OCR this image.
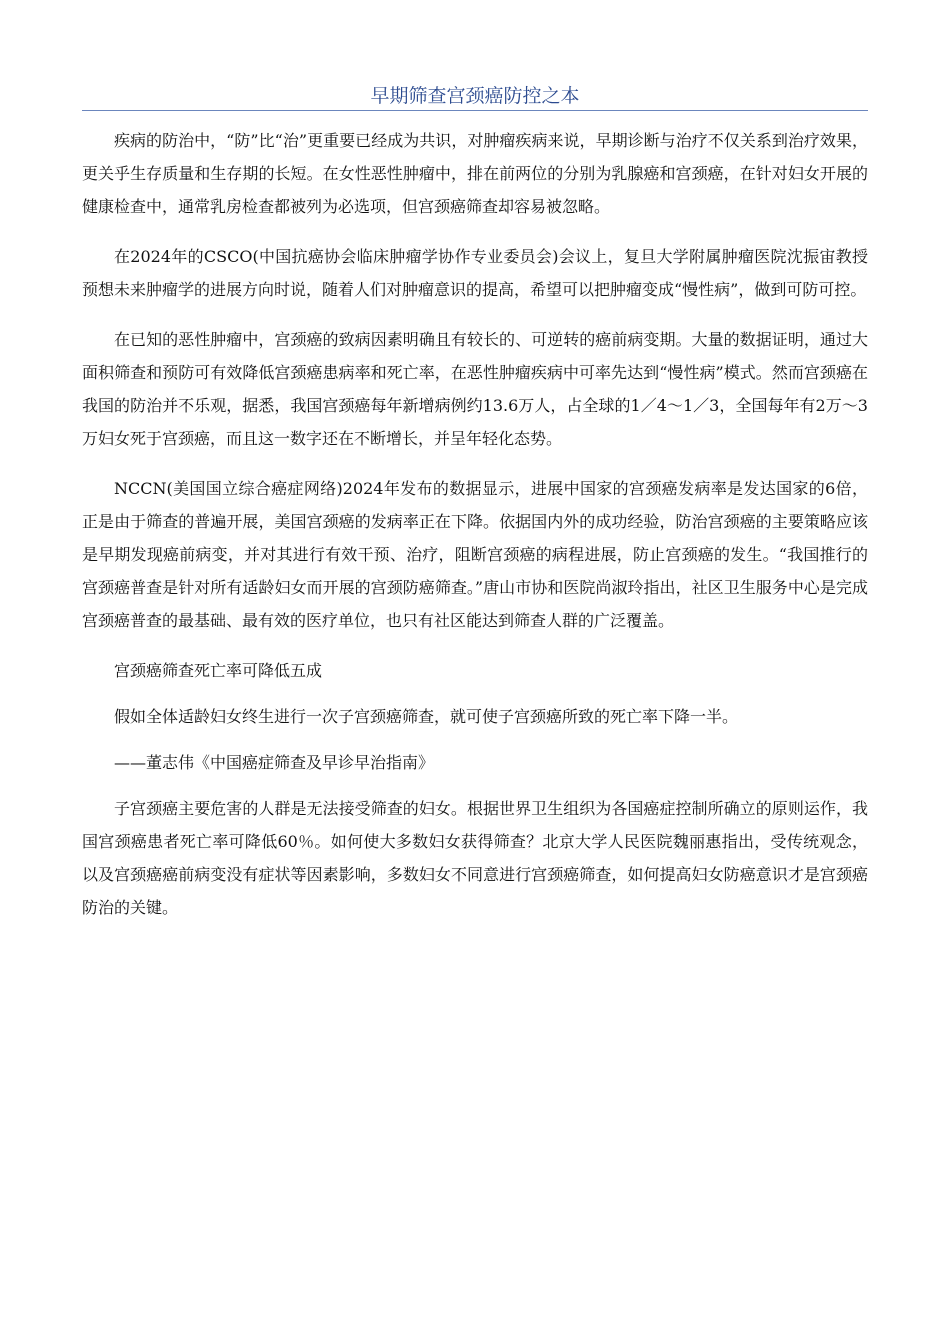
早期筛查宫颈癌防控之本

疾病的防治中，“防”比“治”更重要已经成为共识，对肿瘤疾病来说，早期诊断与治疗不仅关系到治疗效果，更关乎生存质量和生存期的长短。在女性恶性肿瘤中，排在前两位的分别为乳腺癌和宫颈癌，在针对妇女开展的健康检查中，通常乳房检查都被列为必选项，但宫颈癌筛查却容易被忽略。

在2024年的CSCO(中国抗癌协会临床肿瘤学协作专业委员会)会议上，复旦大学附属肿瘤医院沈振宙教授预想未来肿瘤学的进展方向时说，随着人们对肿瘤意识的提高，希望可以把肿瘤变成“慢性病”，做到可防可控。

在已知的恶性肿瘤中，宫颈癌的致病因素明确且有较长的、可逆转的癌前病变期。大量的数据证明，通过大面积筛查和预防可有效降低宫颈癌患病率和死亡率，在恶性肿瘤疾病中可率先达到“慢性病”模式。然而宫颈癌在我国的防治并不乐观，据悉，我国宫颈癌每年新增病例约13.6万人，占全球的1／4～1／3，全国每年有2万～3万妇女死于宫颈癌，而且这一数字还在不断增长，并呈年轻化态势。

NCCN(美国国立综合癌症网络)2024年发布的数据显示，进展中国家的宫颈癌发病率是发达国家的6倍，正是由于筛查的普遍开展，美国宫颈癌的发病率正在下降。依据国内外的成功经验，防治宫颈癌的主要策略应该是早期发现癌前病变，并对其进行有效干预、治疗，阻断宫颈癌的病程进展，防止宫颈癌的发生。“我国推行的宫颈癌普查是针对所有适龄妇女而开展的宫颈防癌筛查。”唐山市协和医院尚淑玲指出，社区卫生服务中心是完成宫颈癌普查的最基础、最有效的医疗单位，也只有社区能达到筛查人群的广泛覆盖。

宫颈癌筛查死亡率可降低五成

假如全体适龄妇女终生进行一次子宫颈癌筛查，就可使子宫颈癌所致的死亡率下降一半。

——董志伟《中国癌症筛查及早诊早治指南》

子宫颈癌主要危害的人群是无法接受筛查的妇女。根据世界卫生组织为各国癌症控制所确立的原则运作，我国宫颈癌患者死亡率可降低60％。如何使大多数妇女获得筛查？北京大学人民医院魏丽惠指出，受传统观念，以及宫颈癌癌前病变没有症状等因素影响，多数妇女不同意进行宫颈癌筛查，如何提高妇女防癌意识才是宫颈癌防治的关键。
